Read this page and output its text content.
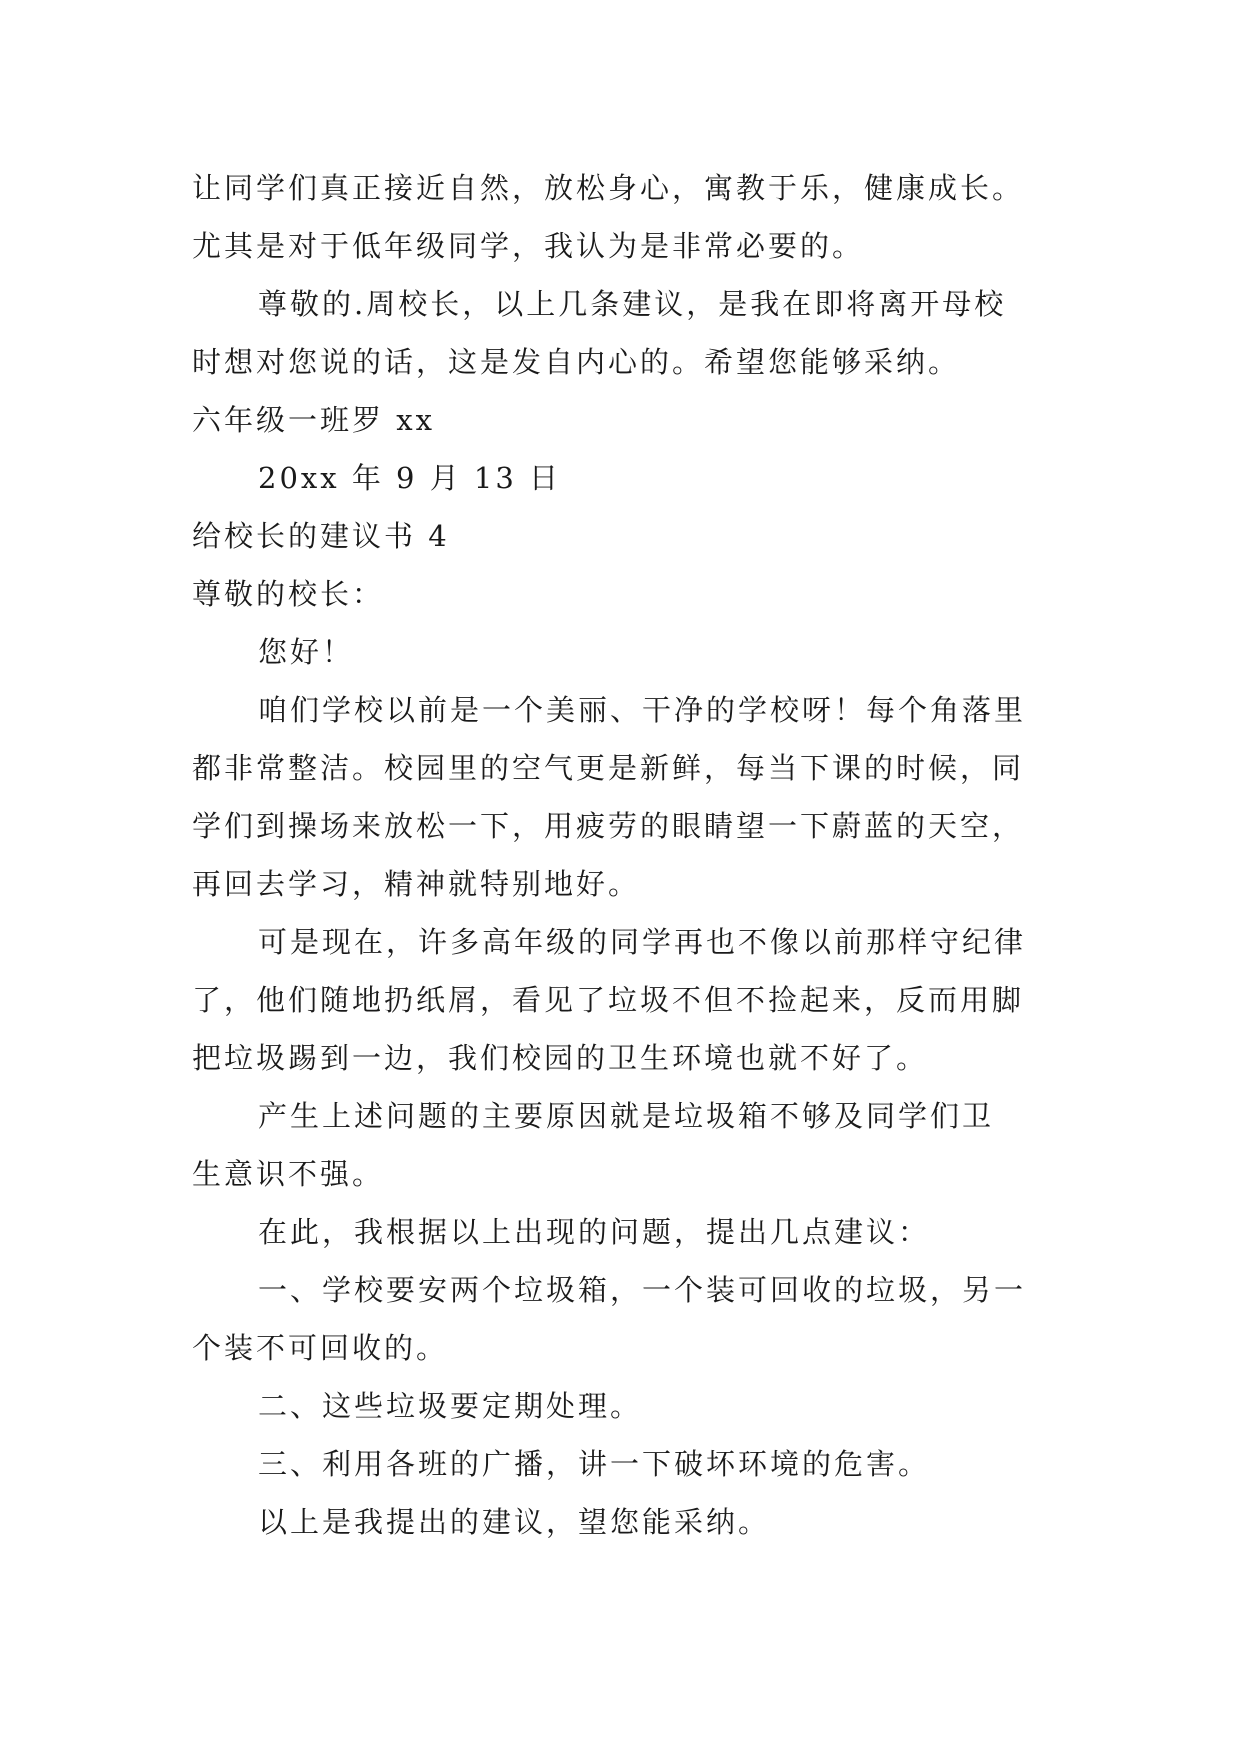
让同学们真正接近自然，放松身心，寓教于乐，健康成长。
尤其是对于低年级同学，我认为是非常必要的。
尊敬的.周校长，以上几条建议，是我在即将离开母校
时想对您说的话，这是发自内心的。希望您能够采纳。
六年级一班罗 xx
20xx 年 9 月 13 日
给校长的建议书 4
尊敬的校长：
您好！
咱们学校以前是一个美丽、干净的学校呀！每个角落里
都非常整洁。校园里的空气更是新鲜，每当下课的时候，同
学们到操场来放松一下，用疲劳的眼睛望一下蔚蓝的天空，
再回去学习，精神就特别地好。
可是现在，许多高年级的同学再也不像以前那样守纪律
了，他们随地扔纸屑，看见了垃圾不但不捡起来，反而用脚
把垃圾踢到一边，我们校园的卫生环境也就不好了。
产生上述问题的主要原因就是垃圾箱不够及同学们卫
生意识不强。
在此，我根据以上出现的问题，提出几点建议：
一、学校要安两个垃圾箱，一个装可回收的垃圾，另一
个装不可回收的。
二、这些垃圾要定期处理。
三、利用各班的广播，讲一下破坏环境的危害。
以上是我提出的建议，望您能采纳。
